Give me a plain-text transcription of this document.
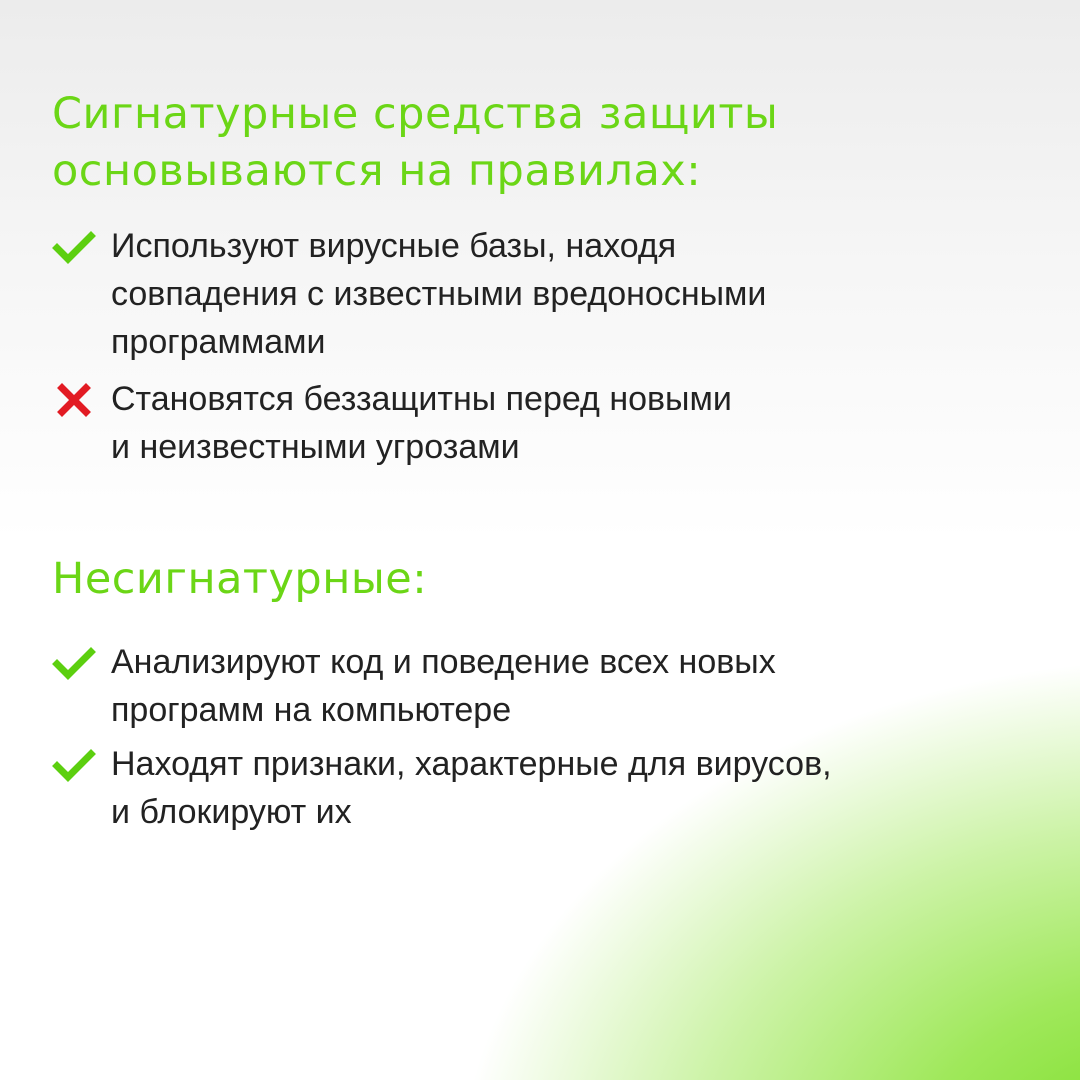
Сигнатурные средства защиты
основываются на правилах:
Используют вирусные базы, находя
совпадения с известными вредоносными
программами
Становятся беззащитны перед новыми
и неизвестными угрозами
Несигнатурные:
Анализируют код и поведение всех новых
программ на компьютере
Находят признаки, характерные для вирусов,
и блокируют их
